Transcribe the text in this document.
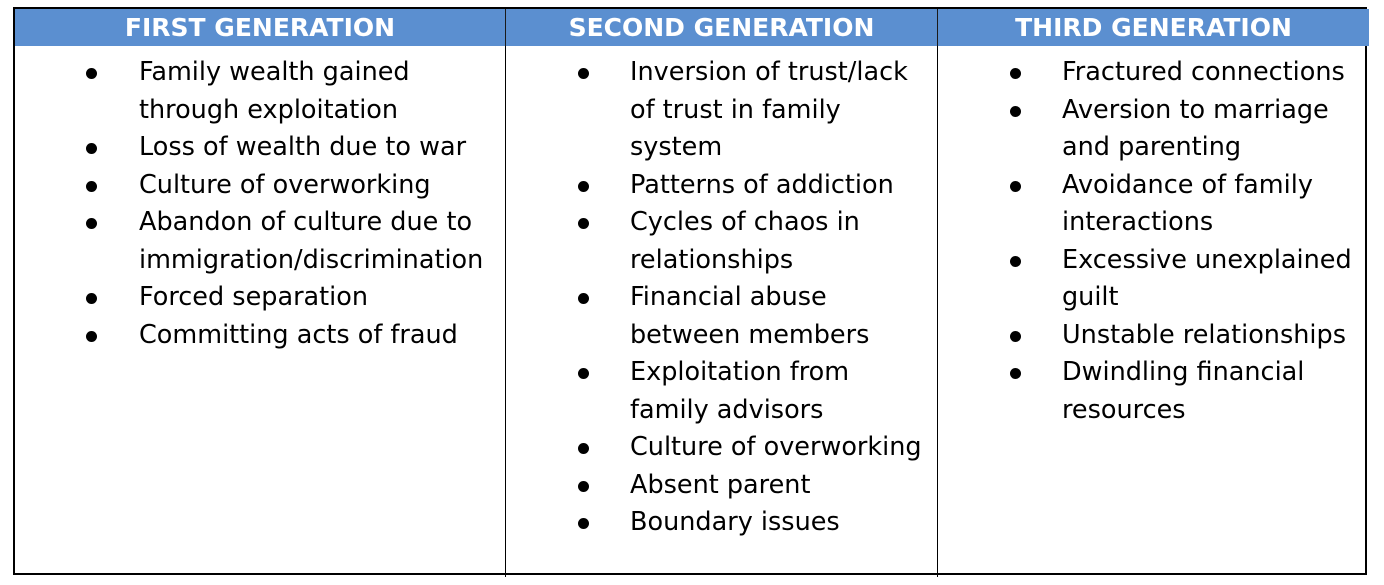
FIRST GENERATION	SECOND GENERATION	THIRD GENERATION
Family wealth gained through exploitation
Loss of wealth due to war
Culture of overworking
Abandon of culture due to immigration/discrimination
Forced separation
Committing acts of fraud
Inversion of trust/lack of trust in family system
Patterns of addiction
Cycles of chaos in relationships
Financial abuse between members
Exploitation from family advisors
Culture of overworking
Absent parent
Boundary issues
Fractured connections
Aversion to marriage and parenting
Avoidance of family interactions
Excessive unexplained guilt
Unstable relationships
Dwindling financial resources
